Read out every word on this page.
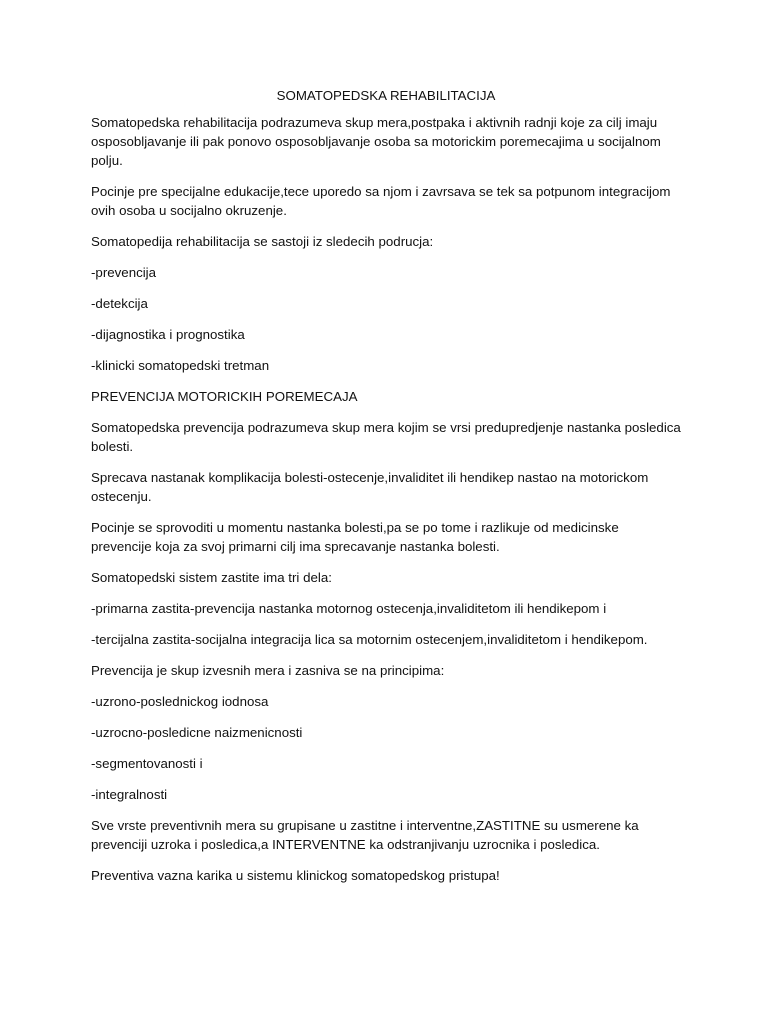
SOMATOPEDSKA REHABILITACIJA

Somatopedska rehabilitacija podrazumeva skup mera,postpaka i aktivnih radnji koje za cilj imaju osposobljavanje ili pak ponovo osposobljavanje osoba sa motorickim poremecajima u socijalnom polju.

Pocinje pre specijalne edukacije,tece uporedo sa njom i zavrsava se tek sa potpunom integracijom ovih osoba u socijalno okruzenje.

Somatopedija rehabilitacija se sastoji iz sledecih podrucja:

-prevencija

-detekcija

-dijagnostika i prognostika

-klinicki somatopedski tretman

PREVENCIJA MOTORICKIH POREMECAJA

Somatopedska prevencija podrazumeva skup mera kojim se vrsi predupredjenje nastanka posledica bolesti.

Sprecava nastanak komplikacija bolesti-ostecenje,invaliditet ili hendikep nastao na motorickom ostecenju.

Pocinje se sprovoditi u momentu nastanka bolesti,pa se po tome i razlikuje od medicinske prevencije koja za svoj primarni cilj ima sprecavanje nastanka bolesti.

Somatopedski sistem zastite ima tri dela:

-primarna zastita-prevencija nastanka motornog ostecenja,invaliditetom ili hendikepom i

-tercijalna zastita-socijalna integracija lica sa motornim ostecenjem,invaliditetom i hendikepom.

Prevencija je skup izvesnih mera i zasniva se na principima:

-uzrono-poslednickog iodnosa

-uzrocno-posledicne naizmenicnosti

-segmentovanosti i

-integralnosti

Sve vrste preventivnih mera su grupisane u zastitne i interventne,ZASTITNE su usmerene ka prevenciji uzroka i posledica,a INTERVENTNE ka odstranjivanju uzrocnika i posledica.

Preventiva vazna karika u sistemu klinickog somatopedskog pristupa!
